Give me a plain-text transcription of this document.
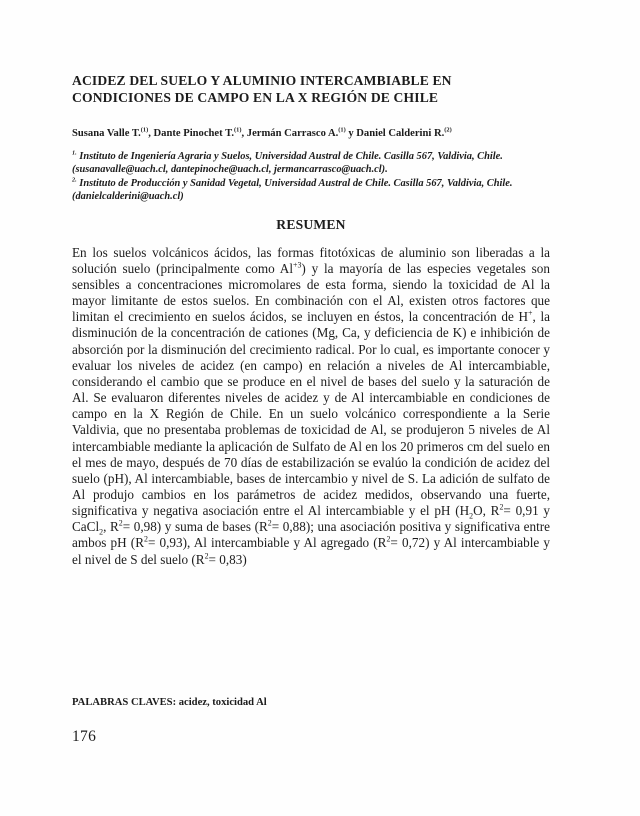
ACIDEZ DEL SUELO Y ALUMINIO INTERCAMBIABLE EN
CONDICIONES DE CAMPO EN LA X REGIÓN DE CHILE
Susana Valle T.$^{(1)}$, Dante Pinochet T.$^{(1)}$, Jermán Carrasco A.$^{(1)}$ y Daniel Calderini R.$^{(2)}$
$^{1.}$ Instituto de Ingeniería Agraria y Suelos, Universidad Austral de Chile. Casilla 567, Valdivia, Chile. (susanavalle@uach.cl, dantepinoche@uach.cl, jermancarrasco@uach.cl).
$^{2.}$ Instituto de Producción y Sanidad Vegetal, Universidad Austral de Chile. Casilla 567, Valdivia, Chile. (danielcalderini@uach.cl)
RESUMEN

En los suelos volcánicos ácidos, las formas fitotóxicas de aluminio son liberadas a la solución suelo (principalmente como $Al^{+3}$) y la mayoría de las especies vegetales son sensibles a concentraciones micromolares de esta forma, siendo la toxicidad de Al la mayor limitante de estos suelos. En combinación con el Al, existen otros factores que limitan el crecimiento en suelos ácidos, se incluyen en éstos, la concentración de H+, la disminución de la concentración de cationes (Mg, Ca, y deficiencia de K) e inhibición de absorción por la disminución del crecimiento radical. Por lo cual, es importante conocer y evaluar los niveles de acidez (en campo) en relación a niveles de Al intercambiable, considerando el cambio que se produce en el nivel de bases del suelo y la saturación de Al. Se evaluaron diferentes niveles de acidez y de Al intercambiable en condiciones de campo en la X Región de Chile. En un suelo volcánico correspondiente a la Serie Valdivia, que no presentaba problemas de toxicidad de Al, se produjeron 5 niveles de Al intercambiable mediante la aplicación de Sulfato de Al en los 20 primeros cm del suelo en el mes de mayo, después de 70 días de estabilización se evalúo la condición de acidez del suelo (pH), Al intercambiable, bases de intercambio y nivel de S. La adición de sulfato de Al produjo cambios en los parámetros de acidez medidos, observando una fuerte, significativa y negativa asociación entre el Al intercambiable y el pH ($H_2O$, $R^2= 0,91$ y CaCl$_2$, $R^2= 0,98$) y suma de bases $(R^2= 0,88)$; una asociación positiva y significativa entre ambos pH $(R^2= 0,93)$, Al intercambiable y Al agregado $(R^2= 0,72)$ y Al intercambiable y el nivel de S del suelo $(R^2= 0,83)$

PALABRAS CLAVES: acidez, toxicidad Al
176
